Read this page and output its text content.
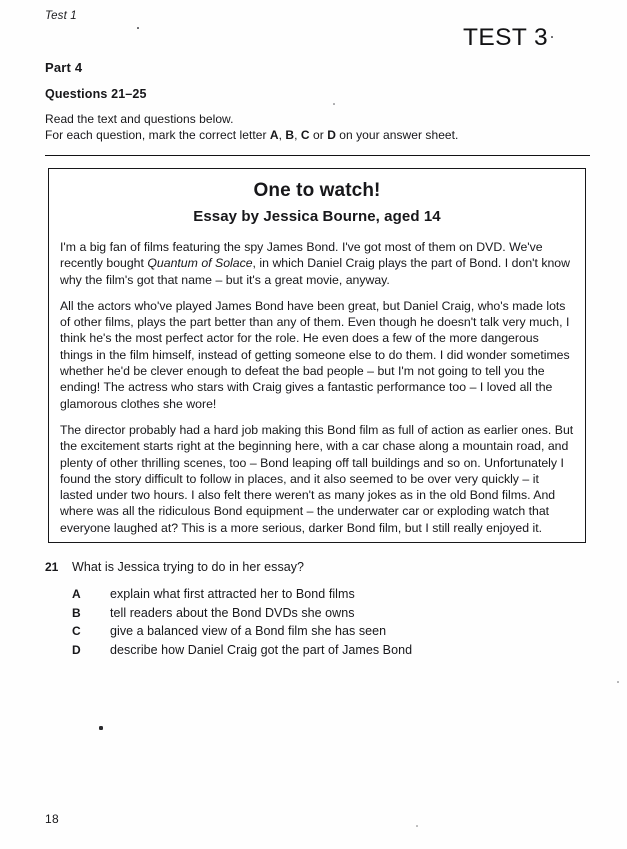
Test 1
TEST 3
Part 4
Questions 21–25
Read the text and questions below.
For each question, mark the correct letter A, B, C or D on your answer sheet.
One to watch!
Essay by Jessica Bourne, aged 14

I'm a big fan of films featuring the spy James Bond. I've got most of them on DVD. We've recently bought Quantum of Solace, in which Daniel Craig plays the part of Bond. I don't know why the film's got that name – but it's a great movie, anyway.

All the actors who've played James Bond have been great, but Daniel Craig, who's made lots of other films, plays the part better than any of them. Even though he doesn't talk very much, I think he's the most perfect actor for the role. He even does a few of the more dangerous things in the film himself, instead of getting someone else to do them. I did wonder sometimes whether he'd be clever enough to defeat the bad people – but I'm not going to tell you the ending! The actress who stars with Craig gives a fantastic performance too – I loved all the glamorous clothes she wore!

The director probably had a hard job making this Bond film as full of action as earlier ones. But the excitement starts right at the beginning here, with a car chase along a mountain road, and plenty of other thrilling scenes, too – Bond leaping off tall buildings and so on. Unfortunately I found the story difficult to follow in places, and it also seemed to be over very quickly – it lasted under two hours. I also felt there weren't as many jokes as in the old Bond films. And where was all the ridiculous Bond equipment – the underwater car or exploding watch that everyone laughed at? This is a more serious, darker Bond film, but I still really enjoyed it.

21 What is Jessica trying to do in her essay?
A explain what first attracted her to Bond films
B tell readers about the Bond DVDs she owns
C give a balanced view of a Bond film she has seen
D describe how Daniel Craig got the part of James Bond
18
